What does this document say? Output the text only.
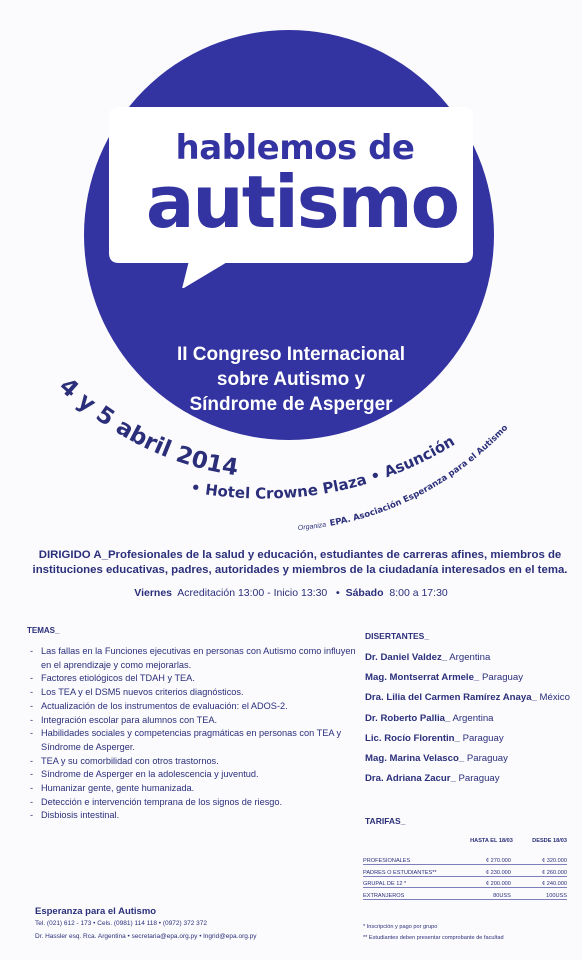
hablemos de
autismo
II Congreso Internacional
sobre Autismo y
Síndrome de Asperger
4 y 5 abril 2014
• Hotel Crowne Plaza • Asunción
Organiza EPA. Asociación Esperanza para el Autismo
DIRIGIDO A_Profesionales de la salud y educación, estudiantes de carreras afines, miembros de instituciones educativas, padres, autoridades y miembros de la ciudadanía interesados en el tema.
Viernes Acreditación 13:00 - Inicio 13:30 • Sábado 8:00 a 17:30
TEMAS_
- Las fallas en la Funciones ejecutivas en personas con Autismo como influyen en el aprendizaje y como mejorarlas.
- Factores etiológicos del TDAH y TEA.
- Los TEA y el DSM5 nuevos criterios diagnósticos.
- Actualización de los instrumentos de evaluación: el ADOS-2.
- Integración escolar para alumnos con TEA.
- Habilidades sociales y competencias pragmáticas en personas con TEA y Síndrome de Asperger.
- TEA y su comorbilidad con otros trastornos.
- Síndrome de Asperger en la adolescencia y juventud.
- Humanizar gente, gente humanizada.
- Detección e intervención temprana de los signos de riesgo.
- Disbiosis intestinal.
DISERTANTES_
Dr. Daniel Valdez_ Argentina
Mag. Montserrat Armele_ Paraguay
Dra. Lilia del Carmen Ramírez Anaya_ México
Dr. Roberto Pallia_ Argentina
Lic. Rocío Florentin_ Paraguay
Mag. Marina Velasco_ Paraguay
Dra. Adriana Zacur_ Paraguay
TARIFAS_
	HASTA EL 18/03	DESDE 18/03
PROFESIONALES	¢ 270.000	¢ 320.000
PADRES O ESTUDIANTES**	¢ 230.000	¢ 260.000
GRUPAL DE 12 *	¢ 200.000	¢ 240.000
EXTRANJEROS	80USS	100USS
* Inscripción y pago por grupo
** Estudiantes deben presentar comprobante de facultad
Esperanza para el Autismo
Tel. (021) 612 - 173 • Cels. (0981) 114 118 • (0972) 372 372
Dr. Hassler esq. Rca. Argentina • secretaria@epa.org.py • lngrid@epa.org.py
